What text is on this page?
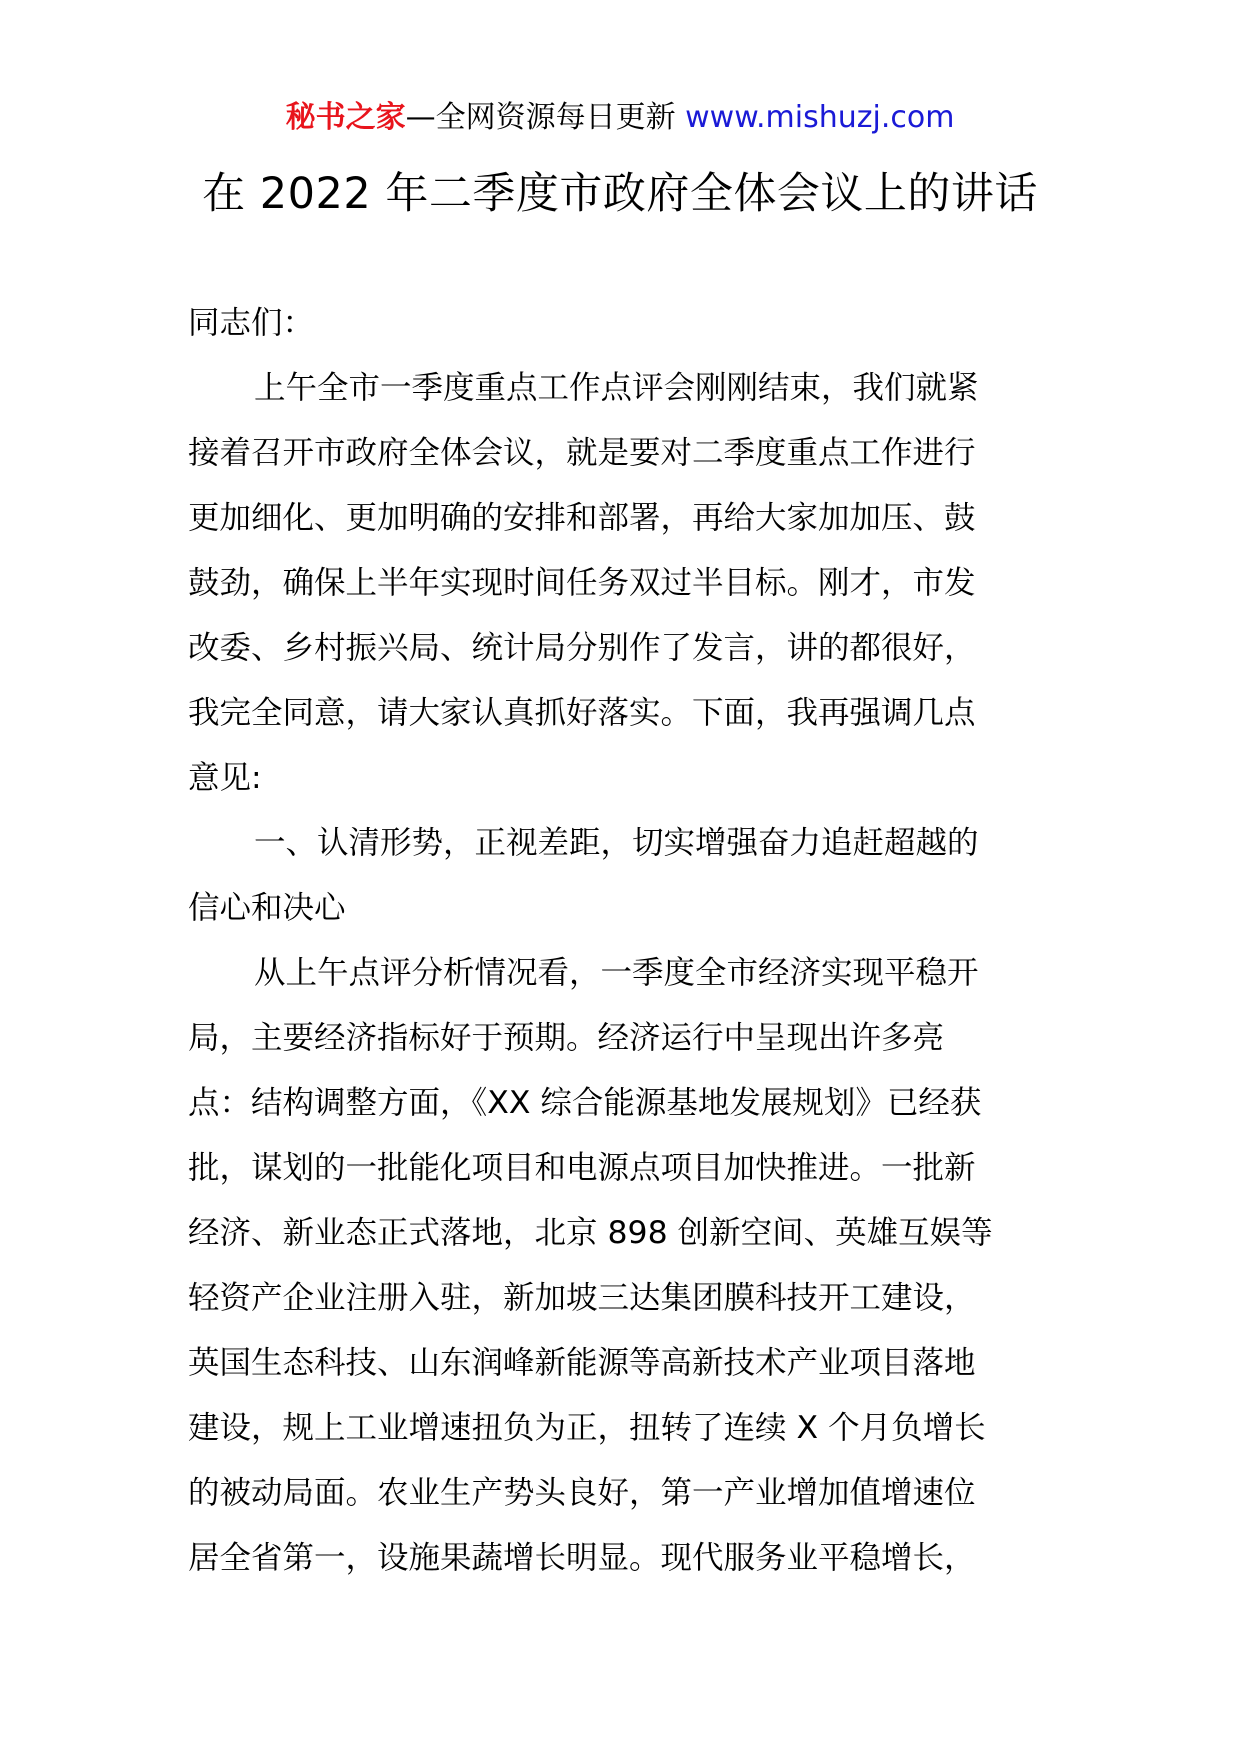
秘书之家—全网资源每日更新 www.mishuzj.com
在 2022 年二季度市政府全体会议上的讲话
同志们：
上午全市一季度重点工作点评会刚刚结束，我们就紧
接着召开市政府全体会议，就是要对二季度重点工作进行
更加细化、更加明确的安排和部署，再给大家加加压、鼓
鼓劲，确保上半年实现时间任务双过半目标。刚才，市发
改委、乡村振兴局、统计局分别作了发言，讲的都很好，
我完全同意，请大家认真抓好落实。下面，我再强调几点
意见:
一、认清形势，正视差距，切实增强奋力追赶超越的
信心和决心
从上午点评分析情况看，一季度全市经济实现平稳开
局，主要经济指标好于预期。经济运行中呈现出许多亮
点：结构调整方面，《XX 综合能源基地发展规划》已经获
批，谋划的一批能化项目和电源点项目加快推进。一批新
经济、新业态正式落地，北京 898 创新空间、英雄互娱等
轻资产企业注册入驻，新加坡三达集团膜科技开工建设，
英国生态科技、山东润峰新能源等高新技术产业项目落地
建设，规上工业增速扭负为正，扭转了连续 X 个月负增长
的被动局面。农业生产势头良好，第一产业增加值增速位
居全省第一，设施果蔬增长明显。现代服务业平稳增长，
